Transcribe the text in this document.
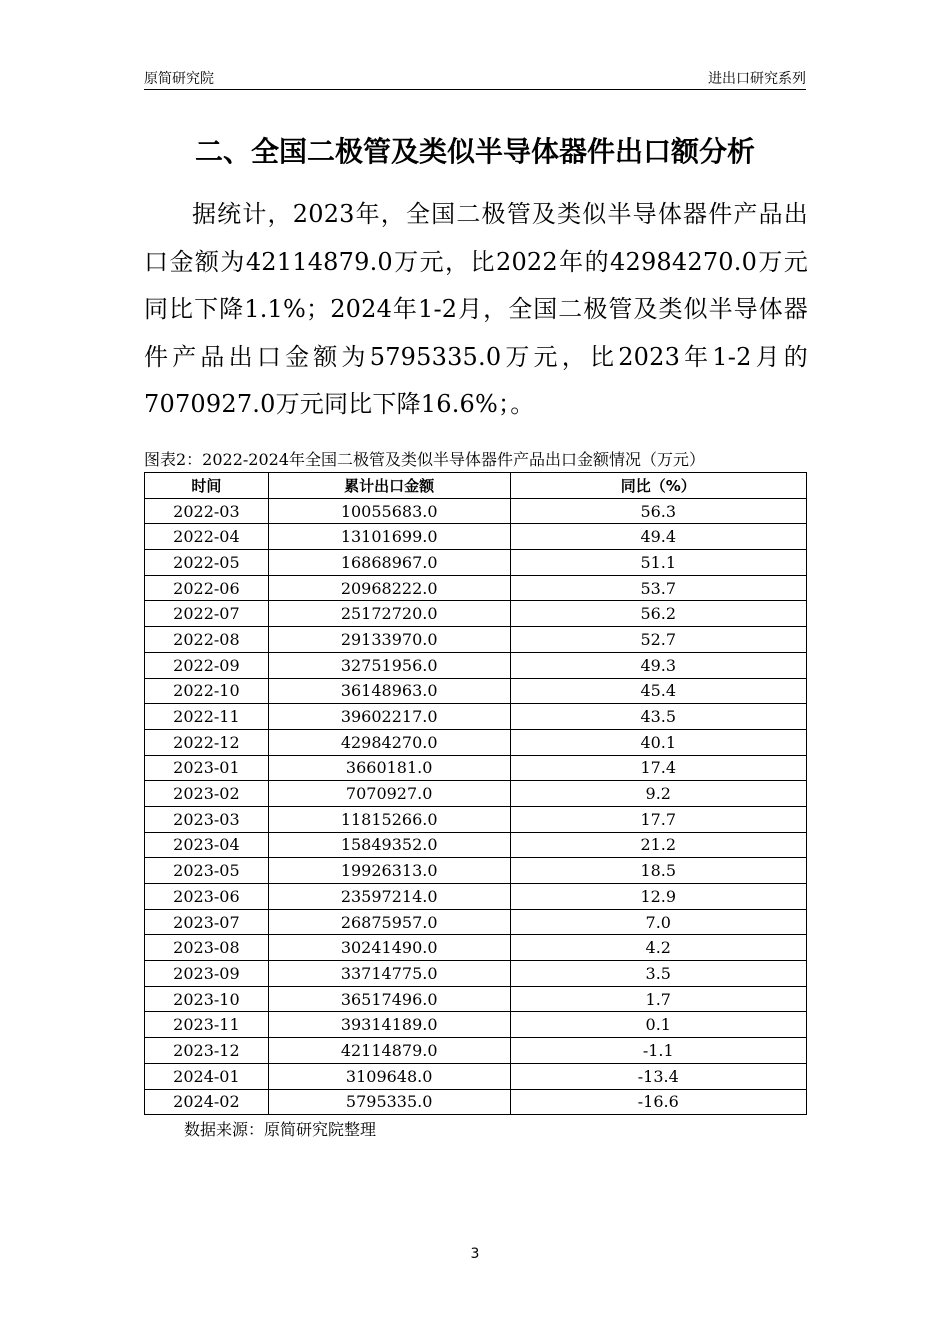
原简研究院	进出口研究系列
二、全国二极管及类似半导体器件出口额分析
据统计，2023年，全国二极管及类似半导体器件产品出口金额为42114879.0万元，比2022年的42984270.0万元同比下降1.1%；2024年1-2月，全国二极管及类似半导体器件产品出口金额为5795335.0万元，比2023年1-2月的7070927.0万元同比下降16.6%；。
图表2：2022-2024年全国二极管及类似半导体器件产品出口金额情况（万元）
时间	累计出口金额	同比（%）
2022-03	10055683.0	56.3
2022-04	13101699.0	49.4
2022-05	16868967.0	51.1
2022-06	20968222.0	53.7
2022-07	25172720.0	56.2
2022-08	29133970.0	52.7
2022-09	32751956.0	49.3
2022-10	36148963.0	45.4
2022-11	39602217.0	43.5
2022-12	42984270.0	40.1
2023-01	3660181.0	17.4
2023-02	7070927.0	9.2
2023-03	11815266.0	17.7
2023-04	15849352.0	21.2
2023-05	19926313.0	18.5
2023-06	23597214.0	12.9
2023-07	26875957.0	7.0
2023-08	30241490.0	4.2
2023-09	33714775.0	3.5
2023-10	36517496.0	1.7
2023-11	39314189.0	0.1
2023-12	42114879.0	-1.1
2024-01	3109648.0	-13.4
2024-02	5795335.0	-16.6
数据来源：原简研究院整理
3
